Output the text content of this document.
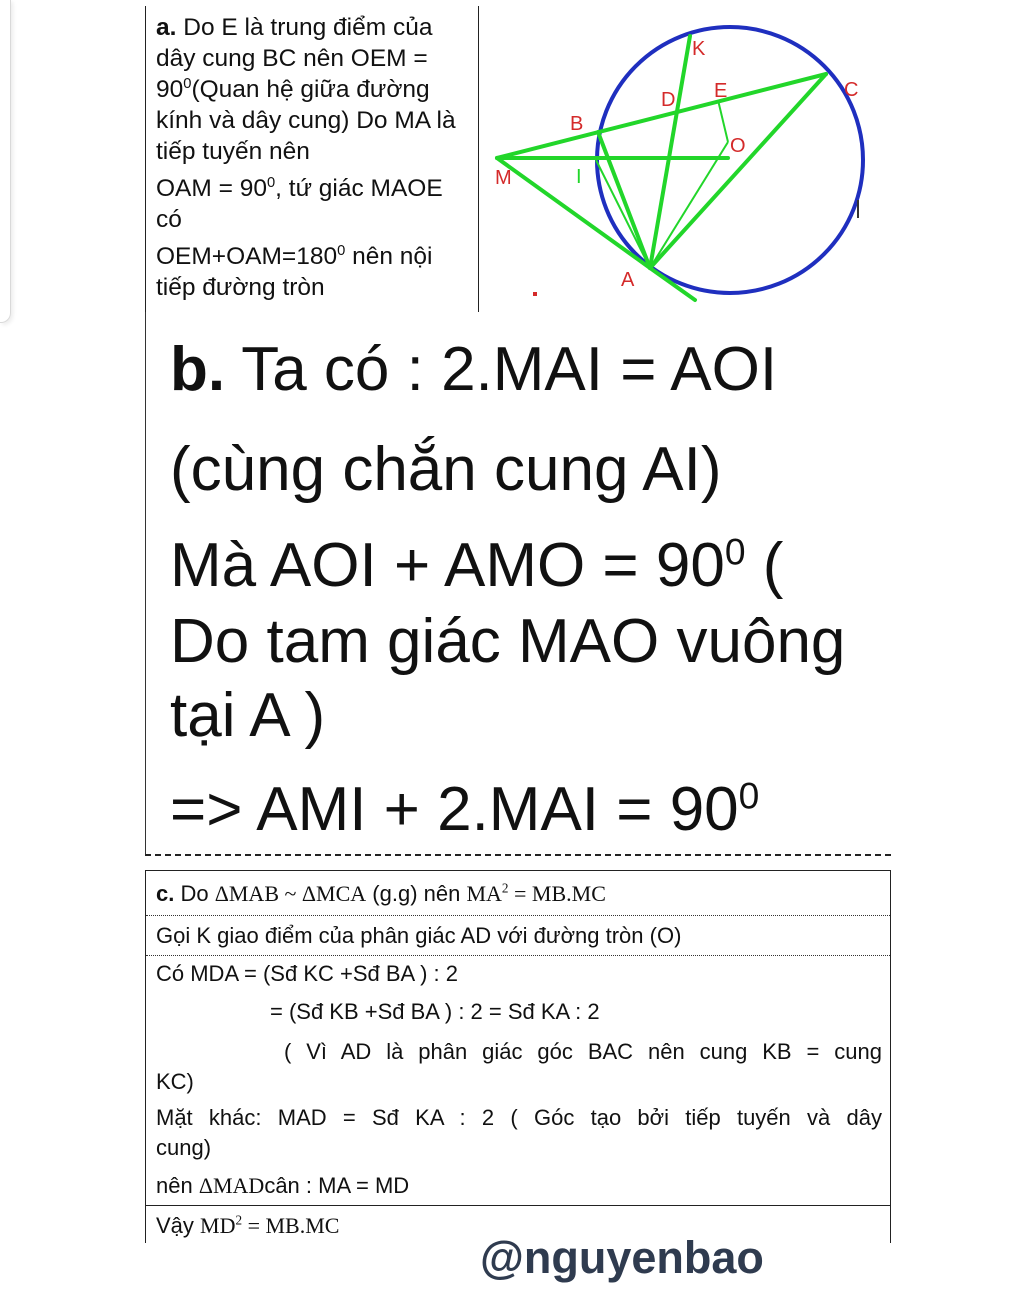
a. Do E là trung điểm của dây cung BC nên OEM = $90^0(Quan$ hệ giữa đường kính và dây cung) Do MA là tiếp tuyến nên

OAM = $90^0$, tứ giác MAOE có

$OEM+OAM=180^0$ nên nội tiếp đường tròn

K
D E	C
B
O
M
A
I
b. Ta có : 2.MAI = AOI
(cùng chắn cung AI)
Mà AOI + AMO = $90^0$ (
Do tam giác MAO vuông
tại A )
=> AMI + $2.MAI = 90^0$
c. Do ΔMAB ~ ΔMCA (g.g) nên $MA^2 = MB.MC$
Gọi K giao điểm của phân giác AD với đường tròn (O)
Có MDA = (Sđ KC +Sđ BA ) : 2
= (Sđ KB +Sđ BA ) : 2 = Sđ KA : 2
( Vì AD là phân giác góc BAC nên cung KB = cung
KC)
Mặt khác: MAD = Sđ KA : 2 ( Góc tạo bởi tiếp tuyến và dây
cung)
nên ΔMADcân : MA = MD
Vậy $MD^2 = MB.MC$
@nguyenbao
